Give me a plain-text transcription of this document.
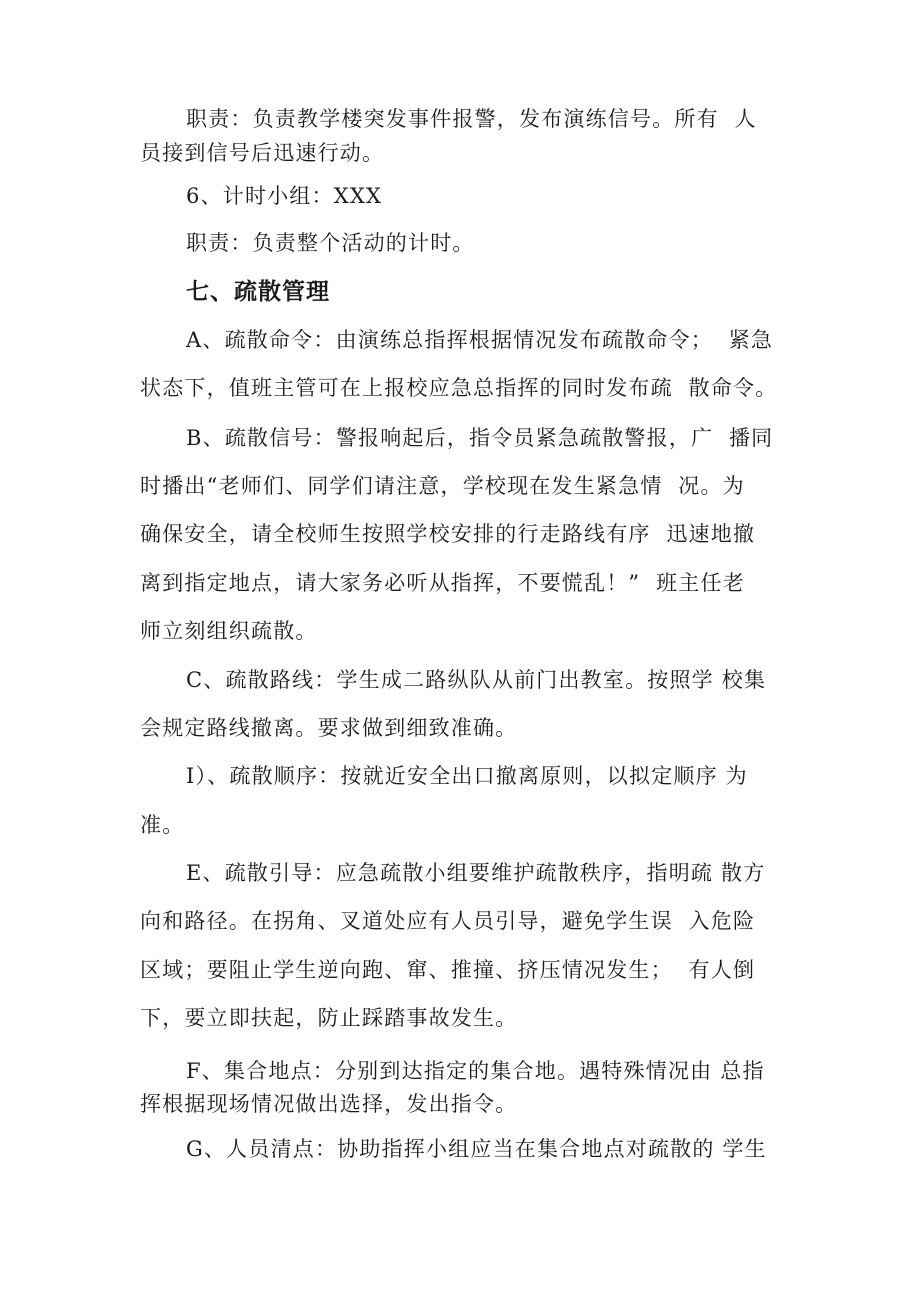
职责：负责教学楼突发事件报警，发布演练信号。所有  人
员接到信号后迅速行动。
6、计时小组：XXX
职责：负责整个活动的计时。
七、疏散管理
A、疏散命令：由演练总指挥根据情况发布疏散命令；  紧急
状态下，值班主管可在上报校应急总指挥的同时发布疏  散命令。
B、疏散信号：警报响起后，指令员紧急疏散警报，广  播同
时播出“老师们、同学们请注意，学校现在发生紧急情  况。为
确保安全，请全校师生按照学校安排的行走路线有序  迅速地撤
离到指定地点，请大家务必听从指挥，不要慌乱！”  班主任老
师立刻组织疏散。
C、疏散路线：学生成二路纵队从前门出教室。按照学 校集
会规定路线撤离。要求做到细致准确。
I）、疏散顺序：按就近安全出口撤离原则，以拟定顺序 为
准。
E、疏散引导：应急疏散小组要维护疏散秩序，指明疏 散方
向和路径。在拐角、叉道处应有人员引导，避免学生误  入危险
区域；要阻止学生逆向跑、窜、推撞、挤压情况发生；  有人倒
下，要立即扶起，防止踩踏事故发生。
F、集合地点：分别到达指定的集合地。遇特殊情况由 总指
挥根据现场情况做出选择，发出指令。
G、人员清点：协助指挥小组应当在集合地点对疏散的 学生
